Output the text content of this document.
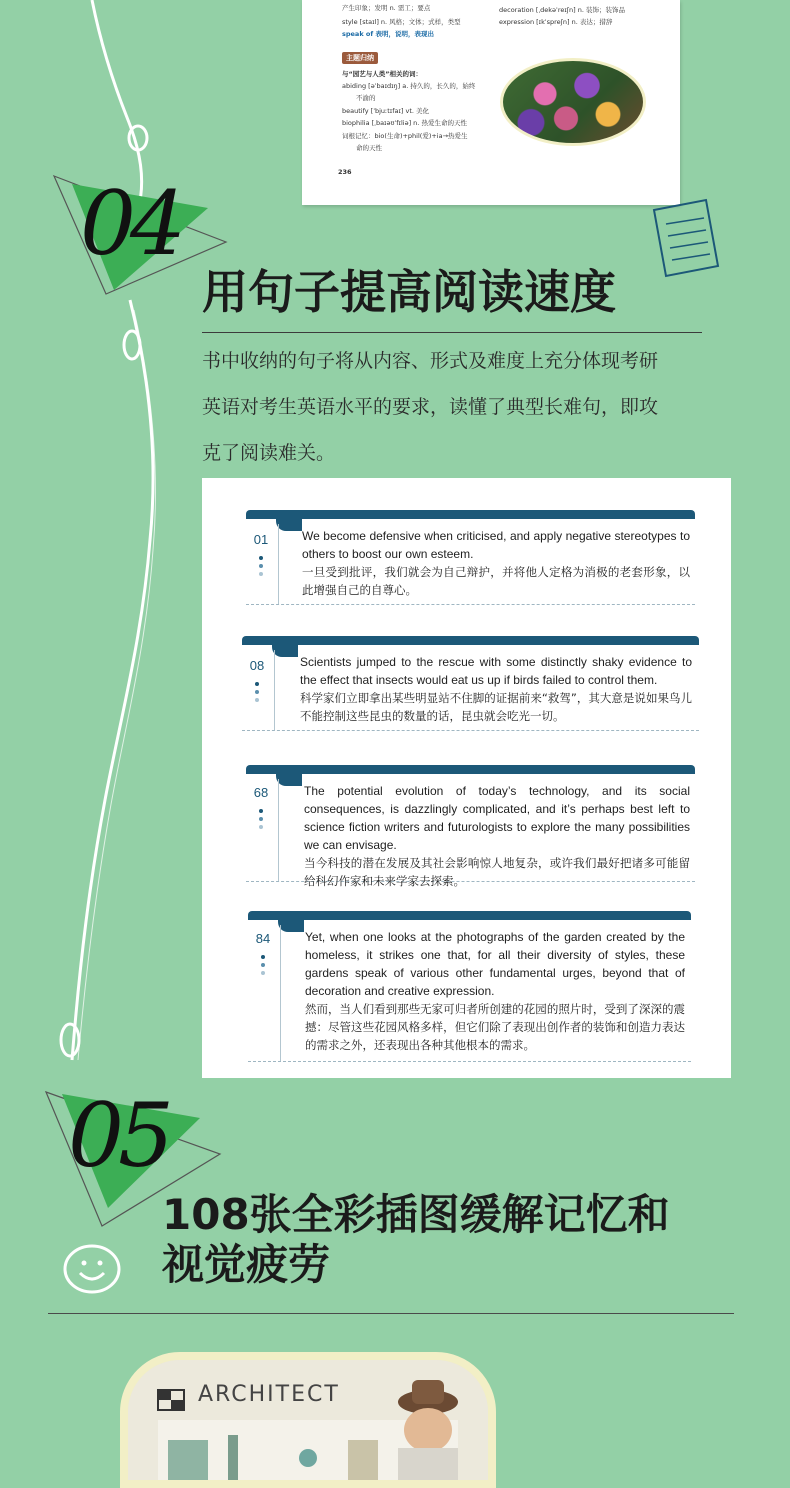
产生印象；发明 n. 需工；要点
style [staɪl] n. 风格；文体；式样，类型
speak of 表明，说明，表现出
decoration [ˌdekəˈreɪʃn] n. 装饰；装饰品
expression [ɪkˈspreʃn] n. 表达；措辞
主题归纳
与“园艺与人类”相关的词：
abiding [əˈbaɪdɪŋ] a. 持久的，长久的，始终
不渝的
beautify [ˈbjuːtɪfaɪ] vt. 美化
biophilia [ˌbaɪəʊˈfɪliə] n. 热爱生命的天性
词根记忆：bio(生命)+phil(爱)+ia→热爱生
命的天性
236
04
用句子提高阅读速度
书中收纳的句子将从内容、形式及难度上充分体现考研
英语对考生英语水平的要求，读懂了典型长难句，即攻
克了阅读难关。
01	We become defensive when criticised, and apply negative stereotypes to others to boost our own esteem.
一旦受到批评，我们就会为自己辩护，并将他人定格为消极的老套形象，以此增强自己的自尊心。
08	Scientists jumped to the rescue with some distinctly shaky evidence to the effect that insects would eat us up if birds failed to control them.
科学家们立即拿出某些明显站不住脚的证据前来“救驾”，其大意是说如果鸟儿不能控制这些昆虫的数量的话，昆虫就会吃光一切。
68	The potential evolution of today’s technology, and its social consequences, is dazzlingly complicated, and it’s perhaps best left to science fiction writers and futurologists to explore the many possibilities we can envisage.
当今科技的潜在发展及其社会影响惊人地复杂，或许我们最好把诸多可能留给科幻作家和未来学家去探索。
84	Yet, when one looks at the photographs of the garden created by the homeless, it strikes one that, for all their diversity of styles, these gardens speak of various other fundamental urges, beyond that of decoration and creative expression.
然而，当人们看到那些无家可归者所创建的花园的照片时，受到了深深的震撼：尽管这些花园风格多样，但它们除了表现出创作者的装饰和创造力表达的需求之外，还表现出各种其他根本的需求。
05
108张全彩插图缓解记忆和
视觉疲劳
ARCHITECT
